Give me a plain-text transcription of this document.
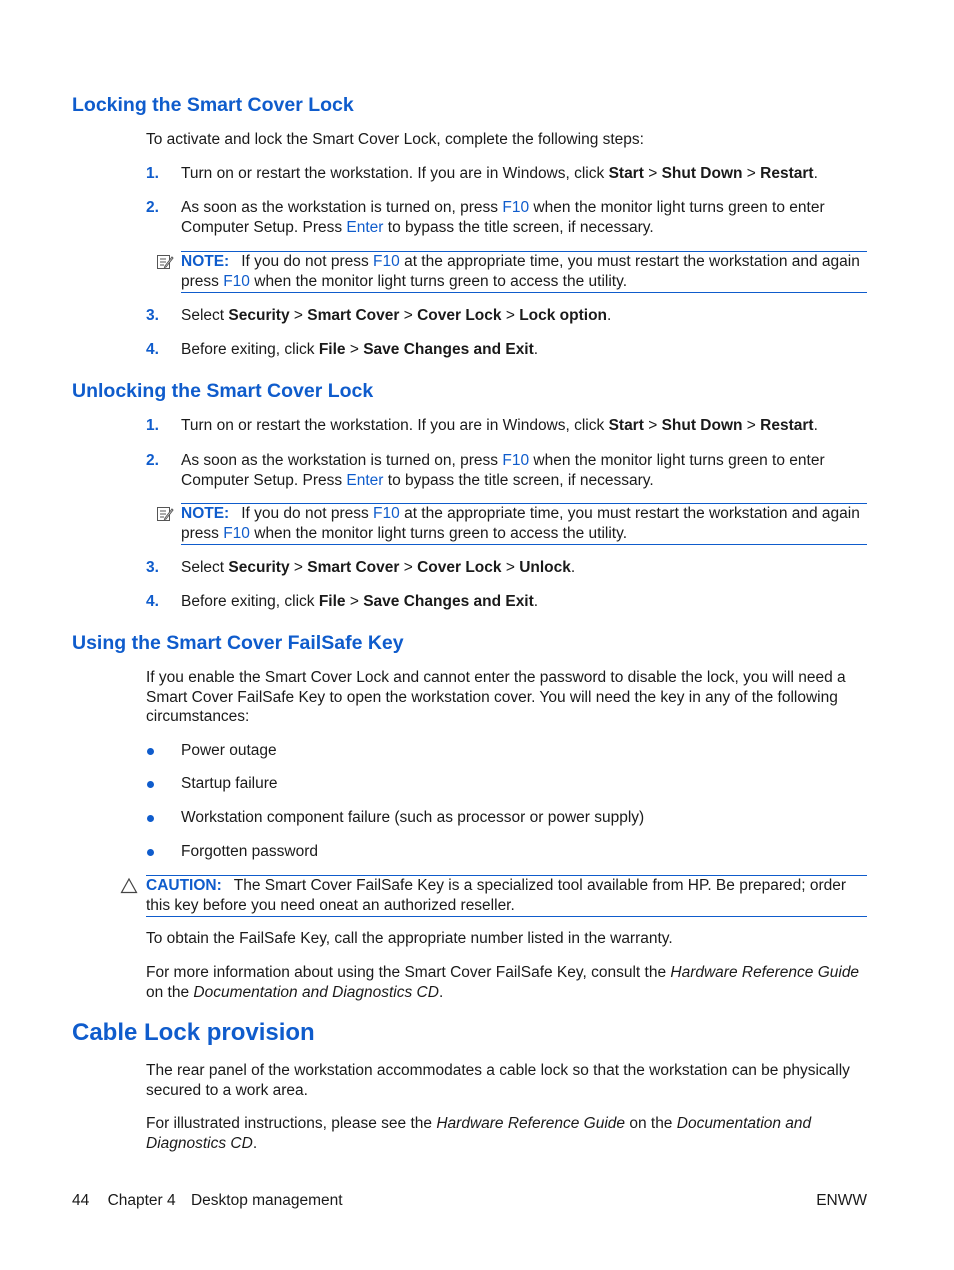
Locking the Smart Cover Lock
To activate and lock the Smart Cover Lock, complete the following steps:
1. Turn on or restart the workstation. If you are in Windows, click Start > Shut Down > Restart.
2. As soon as the workstation is turned on, press F10 when the monitor light turns green to enter Computer Setup. Press Enter to bypass the title screen, if necessary.
NOTE: If you do not press F10 at the appropriate time, you must restart the workstation and again press F10 when the monitor light turns green to access the utility.
3. Select Security > Smart Cover > Cover Lock > Lock option.
4. Before exiting, click File > Save Changes and Exit.
Unlocking the Smart Cover Lock
1. Turn on or restart the workstation. If you are in Windows, click Start > Shut Down > Restart.
2. As soon as the workstation is turned on, press F10 when the monitor light turns green to enter Computer Setup. Press Enter to bypass the title screen, if necessary.
NOTE: If you do not press F10 at the appropriate time, you must restart the workstation and again press F10 when the monitor light turns green to access the utility.
3. Select Security > Smart Cover > Cover Lock > Unlock.
4. Before exiting, click File > Save Changes and Exit.
Using the Smart Cover FailSafe Key
If you enable the Smart Cover Lock and cannot enter the password to disable the lock, you will need a Smart Cover FailSafe Key to open the workstation cover. You will need the key in any of the following circumstances:
Power outage
Startup failure
Workstation component failure (such as processor or power supply)
Forgotten password
CAUTION: The Smart Cover FailSafe Key is a specialized tool available from HP. Be prepared; order this key before you need oneat an authorized reseller.
To obtain the FailSafe Key, call the appropriate number listed in the warranty.
For more information about using the Smart Cover FailSafe Key, consult the Hardware Reference Guide on the Documentation and Diagnostics CD.
Cable Lock provision
The rear panel of the workstation accommodates a cable lock so that the workstation can be physically secured to a work area.
For illustrated instructions, please see the Hardware Reference Guide on the Documentation and Diagnostics CD.
44 Chapter 4 Desktop management	ENWW
